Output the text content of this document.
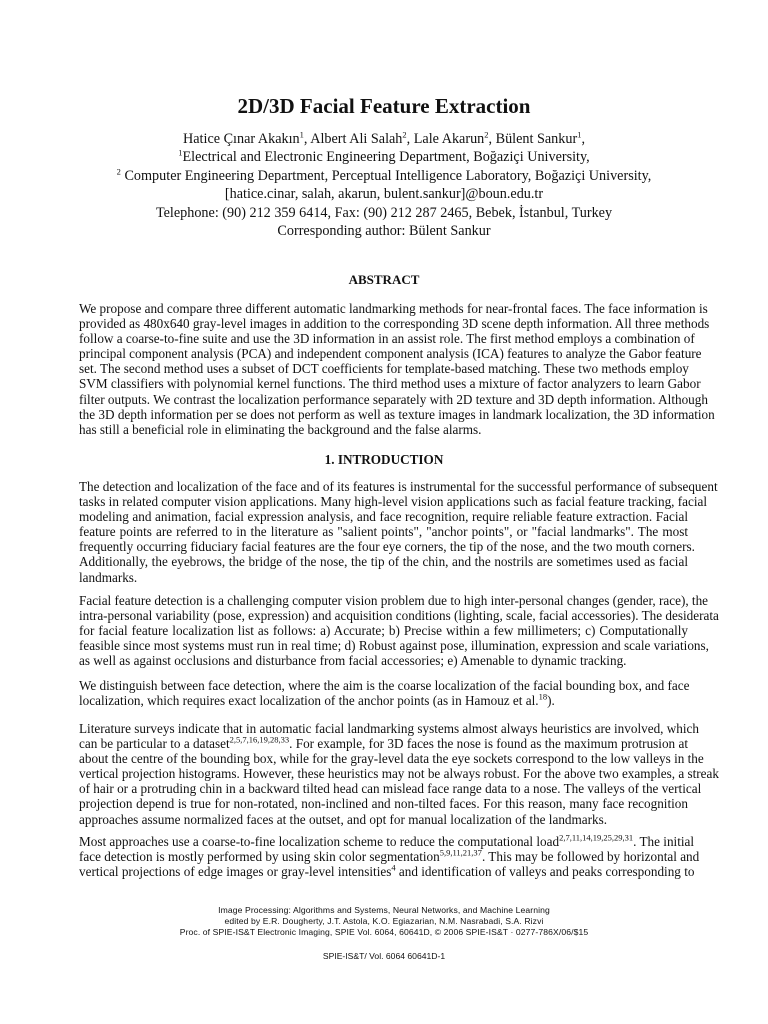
2D/3D Facial Feature Extraction
Hatice Çınar Akakın$^1$, Albert Ali Salah$^2$, Lale Akarun$^2$, Bülent Sankur$^1$,
$^1$Electrical and Electronic Engineering Department, Boğaziçi University,
$^2$ Computer Engineering Department, Perceptual Intelligence Laboratory, Boğaziçi University,
[hatice.cinar, salah, akarun, bulent.sankur]@boun.edu.tr
Telephone: (90) 212 359 6414, Fax: (90) 212 287 2465, Bebek, İstanbul, Turkey
Corresponding author: Bülent Sankur
ABSTRACT
We propose and compare three different automatic landmarking methods for near-frontal faces. The face information is
provided as 480x640 gray-level images in addition to the corresponding 3D scene depth information. All three methods
follow a coarse-to-fine suite and use the 3D information in an assist role. The first method employs a combination of
principal component analysis (PCA) and independent component analysis (ICA) features to analyze the Gabor feature
set. The second method uses a subset of DCT coefficients for template-based matching. These two methods employ
SVM classifiers with polynomial kernel functions. The third method uses a mixture of factor analyzers to learn Gabor
filter outputs. We contrast the localization performance separately with 2D texture and 3D depth information. Although
the 3D depth information per se does not perform as well as texture images in landmark localization, the 3D information
has still a beneficial role in eliminating the background and the false alarms.
1. INTRODUCTION
The detection and localization of the face and of its features is instrumental for the successful performance of subsequent
tasks in related computer vision applications. Many high-level vision applications such as facial feature tracking, facial
modeling and animation, facial expression analysis, and face recognition, require reliable feature extraction. Facial
feature points are referred to in the literature as "salient points", "anchor points", or "facial landmarks". The most
frequently occurring fiduciary facial features are the four eye corners, the tip of the nose, and the two mouth corners.
Additionally, the eyebrows, the bridge of the nose, the tip of the chin, and the nostrils are sometimes used as facial
landmarks.
Facial feature detection is a challenging computer vision problem due to high inter-personal changes (gender, race), the
intra-personal variability (pose, expression) and acquisition conditions (lighting, scale, facial accessories). The desiderata
for facial feature localization list as follows: a) Accurate; b) Precise within a few millimeters; c) Computationally
feasible since most systems must run in real time; d) Robust against pose, illumination, expression and scale variations,
as well as against occlusions and disturbance from facial accessories; e) Amenable to dynamic tracking.
We distinguish between face detection, where the aim is the coarse localization of the facial bounding box, and face
localization, which requires exact localization of the anchor points (as in Hamouz et al.$^{18}$).
Literature surveys indicate that in automatic facial landmarking systems almost always heuristics are involved, which
can be particular to a dataset$^{2,5,7,16,19,28,33}$. For example, for 3D faces the nose is found as the maximum protrusion at
about the centre of the bounding box, while for the gray-level data the eye sockets correspond to the low valleys in the
vertical projection histograms. However, these heuristics may not be always robust. For the above two examples, a streak
of hair or a protruding chin in a backward tilted head can mislead face range data to a nose. The valleys of the vertical
projection depend is true for non-rotated, non-inclined and non-tilted faces. For this reason, many face recognition
approaches assume normalized faces at the outset, and opt for manual localization of the landmarks.
Most approaches use a coarse-to-fine localization scheme to reduce the computational load$^{2,7,11,14,19,25,29,31}$. The initial
face detection is mostly performed by using skin color segmentation$^{5,9,11,21,37}$. This may be followed by horizontal and
vertical projections of edge images or gray-level intensities$^4$ and identification of valleys and peaks corresponding to
Image Processing: Algorithms and Systems, Neural Networks, and Machine Learning
edited by E.R. Dougherty, J.T. Astola, K.O. Egiazarian, N.M. Nasrabadi, S.A. Rizvi
Proc. of SPIE-IS&T Electronic Imaging, SPIE Vol. 6064, 60641D, © 2006 SPIE-IS&T · 0277-786X/06/$15
SPIE-IS&T/ Vol. 6064 60641D-1
